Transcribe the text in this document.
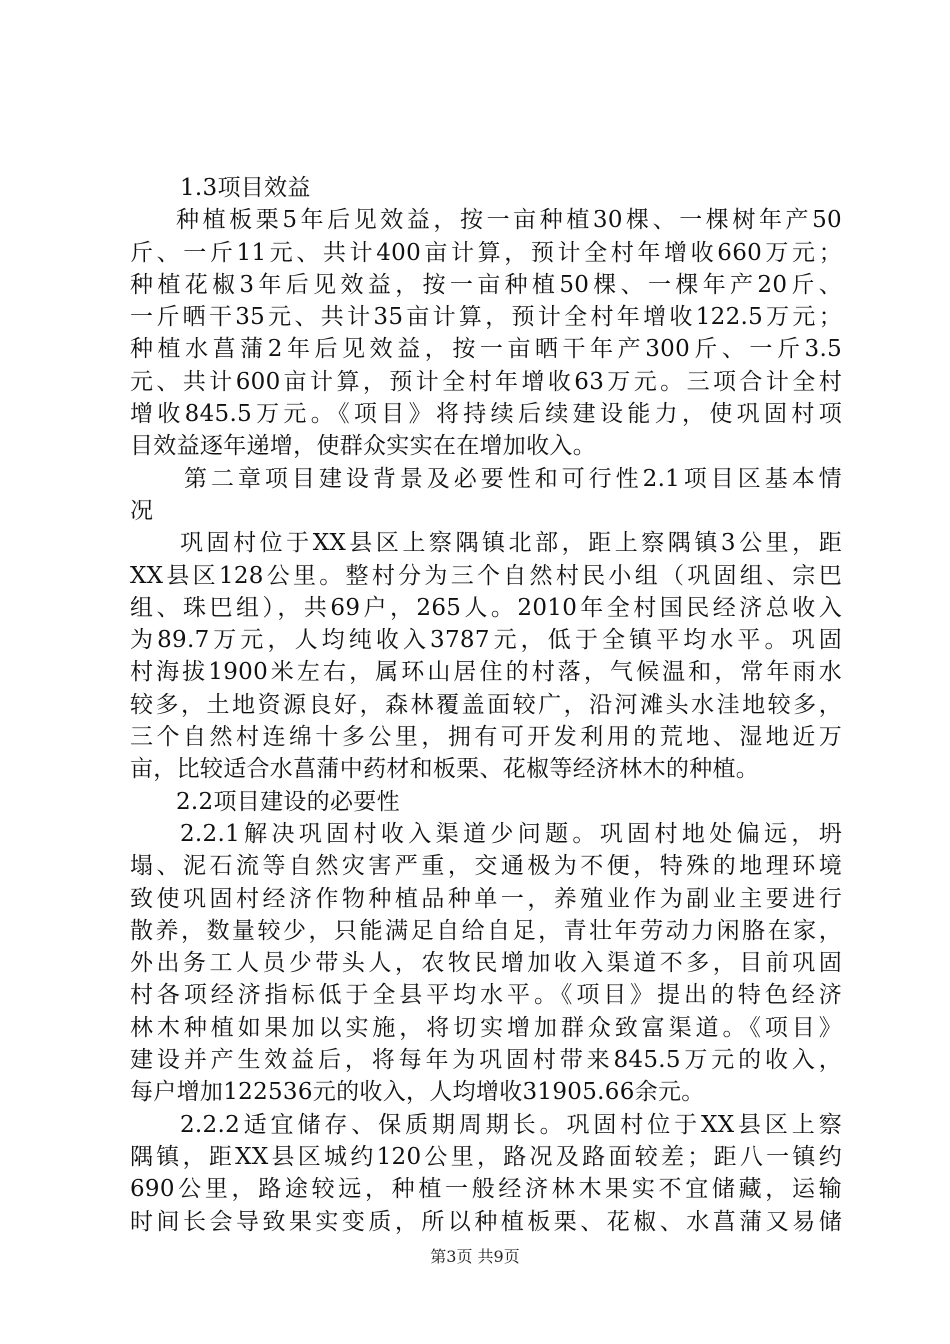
1.3项目效益
种植板栗5年后见效益，按一亩种植30棵、一棵树年产50
斤、一斤11元、共计400亩计算，预计全村年增收660万元；
种植花椒3年后见效益，按一亩种植50棵、一棵年产20斤、
一斤晒干35元、共计35亩计算，预计全村年增收122.5万元；
种植水菖蒲2年后见效益，按一亩晒干年产300斤、一斤3.5
元、共计600亩计算，预计全村年增收63万元。三项合计全村
增收845.5万元。《项目》将持续后续建设能力，使巩固村项
目效益逐年递增，使群众实实在在增加收入。
第二章项目建设背景及必要性和可行性2.1项目区基本情
况
巩固村位于XX县区上察隅镇北部，距上察隅镇3公里，距
XX县区128公里。整村分为三个自然村民小组（巩固组、宗巴
组、珠巴组），共69户，265人。2010年全村国民经济总收入
为89.7万元，人均纯收入3787元，低于全镇平均水平。巩固
村海拔1900米左右，属环山居住的村落，气候温和，常年雨水
较多，土地资源良好，森林覆盖面较广，沿河滩头水洼地较多，
三个自然村连绵十多公里，拥有可开发利用的荒地、湿地近万
亩，比较适合水菖蒲中药材和板栗、花椒等经济林木的种植。
2.2项目建设的必要性
2.2.1解决巩固村收入渠道少问题。巩固村地处偏远，坍
塌、泥石流等自然灾害严重，交通极为不便，特殊的地理环境
致使巩固村经济作物种植品种单一，养殖业作为副业主要进行
散养，数量较少，只能满足自给自足，青壮年劳动力闲胳在家，
外出务工人员少带头人，农牧民增加收入渠道不多，目前巩固
村各项经济指标低于全县平均水平。《项目》提出的特色经济
林木种植如果加以实施，将切实增加群众致富渠道。《项目》
建设并产生效益后，将每年为巩固村带来845.5万元的收入，
每户增加122536元的收入，人均增收31905.66余元。
2.2.2适宜储存、保质期周期长。巩固村位于XX县区上察
隅镇，距XX县区城约120公里，路况及路面较差；距八一镇约
690公里，路途较远，种植一般经济林木果实不宜储藏，运输
时间长会导致果实变质，所以种植板栗、花椒、水菖蒲又易储
第3页 共9页
